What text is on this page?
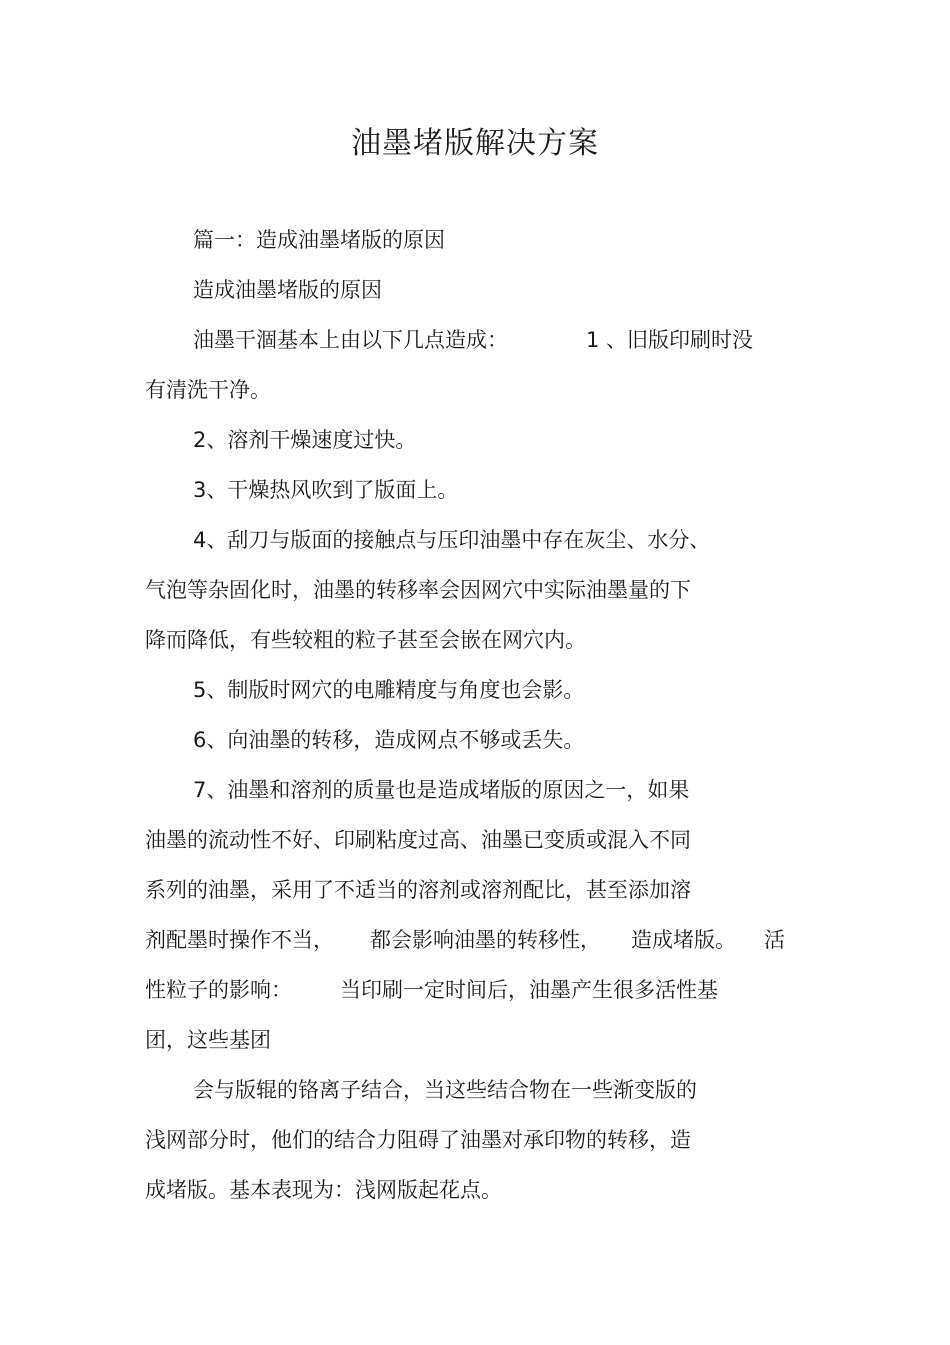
油墨堵版解决方案
篇一：造成油墨堵版的原因
造成油墨堵版的原因
油墨干涸基本上由以下几点造成：	1 、旧版印刷时没
有清洗干净。
2、溶剂干燥速度过快。
3、干燥热风吹到了版面上。
4、刮刀与版面的接触点与压印油墨中存在灰尘、水分、
气泡等杂固化时，油墨的转移率会因网穴中实际油墨量的下
降而降低，有些较粗的粒子甚至会嵌在网穴内。
5、制版时网穴的电雕精度与角度也会影。
6、向油墨的转移，造成网点不够或丢失。
7、油墨和溶剂的质量也是造成堵版的原因之一，如果
油墨的流动性不好、印刷粘度过高、油墨已变质或混入不同
系列的油墨，采用了不适当的溶剂或溶剂配比，甚至添加溶
剂配墨时操作不当， 都会影响油墨的转移性， 造成堵版。 活
性粒子的影响： 当印刷一定时间后，油墨产生很多活性基
团，这些基团
会与版辊的铬离子结合，当这些结合物在一些渐变版的
浅网部分时，他们的结合力阻碍了油墨对承印物的转移，造
成堵版。基本表现为：浅网版起花点。
